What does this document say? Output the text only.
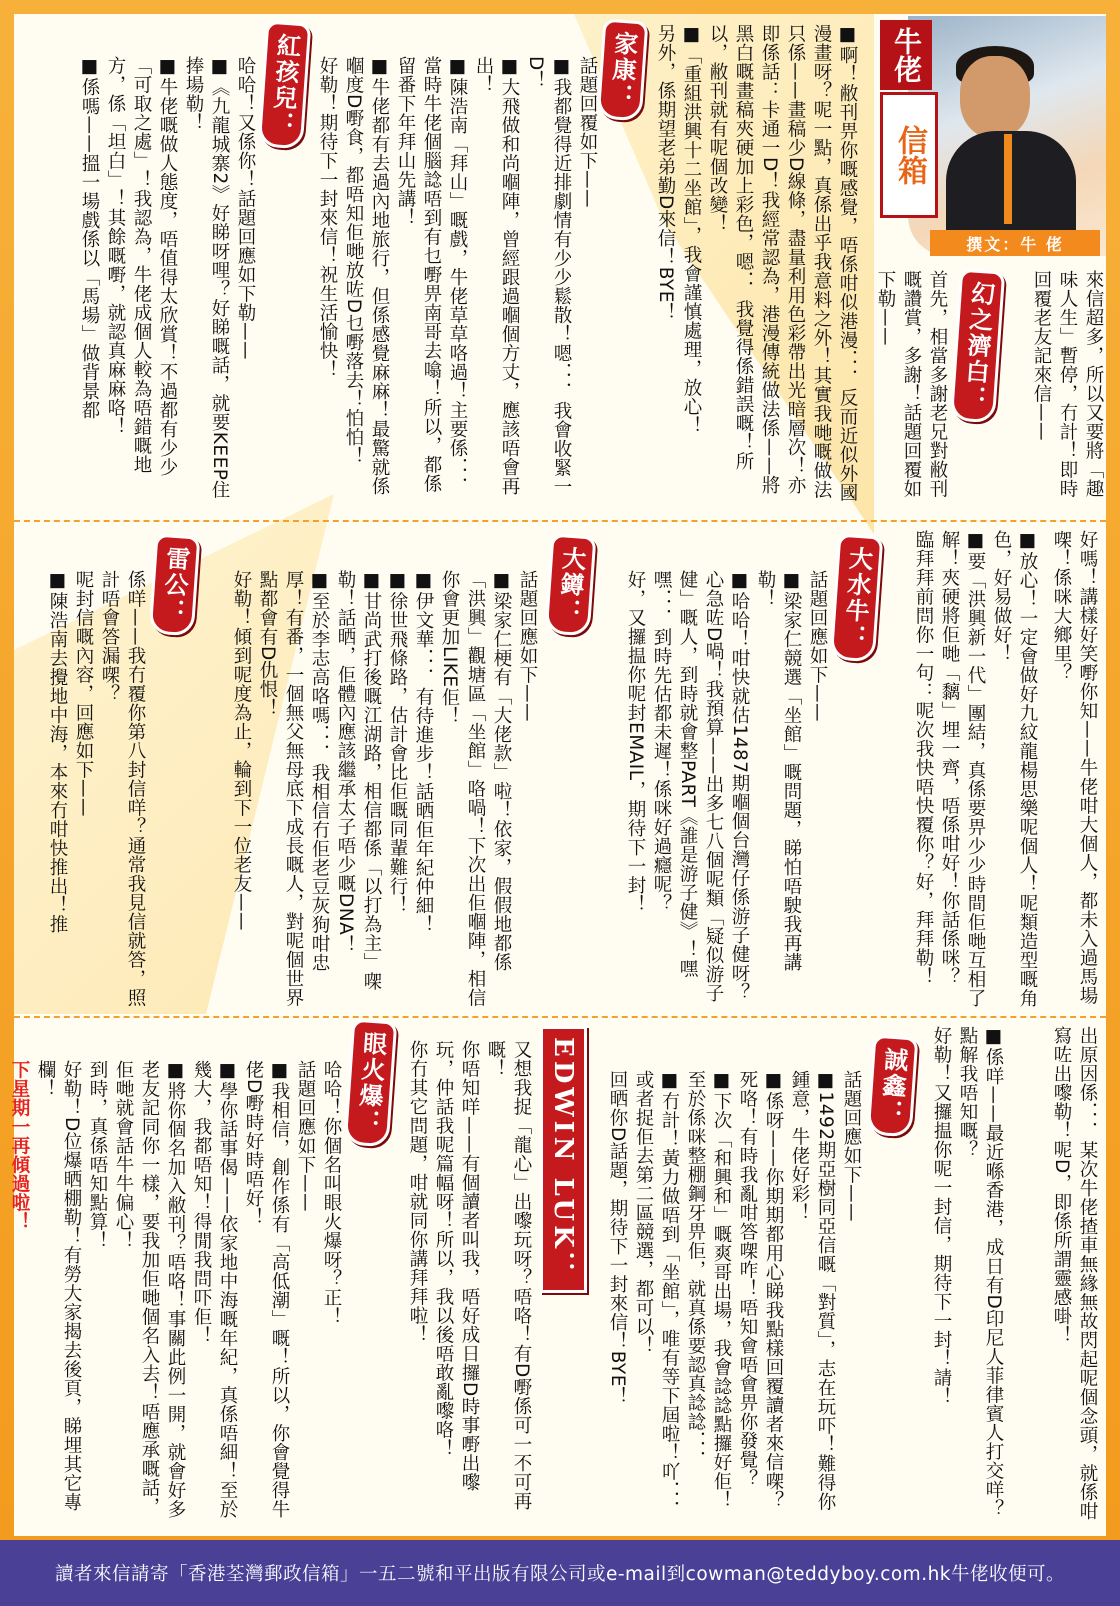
牛佬
信箱
撰文：牛 佬

來信超多，所以又要將「趣味人生」暫停，冇計！即時回覆老友記來信——

幻之濟白：

首先，相當多謝老兄對敝刊嘅讚賞，多謝！話題回覆如下勒——

■啊！敝刊畀你嘅感覺，唔係咁似港漫．．．反而近似外國漫畫呀？呢一點，真係出乎我意料之外！其實我哋嘅做法只係——畫稿少D線條，盡量利用色彩帶出光暗層次！亦即係話：卡通一D！我經常認為，港漫傳統做法係——將黑白嘅畫稿夾硬加上彩色，嗯．．我覺得係錯誤嘅！所以，敝刊就有呢個改變！

■「重組洪興十二坐館」，我會謹慎處理，放心！

另外，係期望老弟勤D來信！BYE！

家康：

話題回覆如下——

■我都覺得近排劇情有少少鬆散！嗯．．．我會收緊一D！

■大飛做和尚嗰陣，曾經跟過嗰個方丈，應該唔會再出！

■陳浩南「拜山」嘅戲，牛佬草草咯過！主要係．．．當時牛佬個腦諗唔到有乜嘢畀南哥去噏！所以，都係留番下年拜山先講！

■牛佬都有去過內地旅行，但係感覺麻麻！最驚就係嗰度D嘢食，都唔知佢哋放咗D乜嘢落去！怕怕！

好勒！期待下一封來信！祝生活愉快！

紅孩兒：

哈哈！又係你！話題回應如下勒——

■《九龍城寨2》好睇呀哩？好睇嘅話，就要KEEP住捧場勒！

■牛佬嘅做人態度，唔值得太欣賞！不過都有少少「可取之處」！我認為，牛佬成個人較為唔錯嘅地方，係「坦白」！其餘嘅嘢，就認真麻麻咯！

■係嗎——搵一場戲係以「馬場」做背景都

好嗎！講樣好笑嘢你知——牛佬咁大個人，都未入過馬場㗎！係咪大鄉里？

■放心！一定會做好九紋龍楊思樂呢個人！呢類造型嘅角色，好易做好！

■要「洪興新一代」團結，真係要畀少少時間佢哋互相了解！夾硬將佢哋「黐」埋一齊，唔係咁好！你話係咪？

臨拜拜前問你一句：呢次我快唔快覆你？好，拜拜勒！

大水牛：

話題回應如下——

■梁家仁競選「坐館」嘅問題，睇怕唔駛我再講勒！

■哈哈！咁快就估1487期嗰個台灣仔係游子健呀？心急咗D喎！我預算——出多七八個呢類「疑似游子健」嘅人，到時就會整PART《誰是游子健》！嘿嘿．．．到時先估都未遲！係咪好過癮呢？

好，又攞揾你呢封EMAIL，期待下一封！

大鐏：

話題回應如下——

■梁家仁梗有「大佬款」啦！依家，假假地都係「洪興」觀塘區「坐館」咯喎！下次出佢嗰陣，相信你會更加LIKE佢！

■伊文華．．．有待進步！話晒佢年紀仲細！

■徐世飛條路，估計會比佢嘅同輩難行！

■甘尚武打後嘅江湖路，相信都係「以打為主」㗎勒！話晒，佢體內應該繼承太子唔少嘅DNA！

■至於李志高咯嗎．．．我相信冇佢老豆灰狗咁忠厚！有番，一個無父無母底下成長嘅人，對呢個世界點都會有D仇恨！

好勒！傾到呢度為止，輪到下一位老友——

雷公：

係咩——我冇覆你第八封信咩？通常我見信就答，照計唔會答漏㗎？

呢封信嘅內容，回應如下——

■陳浩南去攪地中海，本來冇咁快推出！推

出原因係．．．某次牛佬揸車無緣無故閃起呢個念頭，就係咁寫咗出嚟勒！呢D，即係所謂靈感啩！

■係咩——最近喺香港，成日有D印尼人菲律賓人打交咩？點解我唔知嘅？

好勒！又攞揾你呢一封信，期待下一封！請！

誠鑫：

話題回應如下——

■1492期亞樹同亞信嘅「對質」，志在玩吓！難得你鍾意，牛佬好彩！

■係呀——你期期都用心睇我點樣回覆讀者來信㗎？死咯！有時我亂咁答㗎咋！唔知會唔會畀你發覺？

■下次「和興和」嘅爽哥出場，我會諗諗點攞好佢！至於係咪整棚鋼牙畀佢，就真係要認真諗諗．．．

■冇計！黃力做唔到「坐館」，唯有等下屆啦！吖．．．或者捉佢去第二區競選，都可以！

回晒你D話題，期待下一封來信！BYE！

EDWIN LUK：

又想我捉「龍心」出嚟玩呀？唔咯！有D嘢係可一不可再嘅！

你唔知咩——有個讀者叫我，唔好成日攞D時事嘢出嚟玩，仲話我呢篇幅呀！所以，我以後唔敢亂嚟咯！

你冇其它問題，咁就同你講拜拜啦！

眼火爆：

哈哈！你個名叫眼火爆呀？正！

話題回應如下——

■我相信，創作係有「高低潮」嘅！所以，你會覺得牛佬D嘢時好時唔好！

■學你話事偈——依家地中海嘅年紀，真係唔細！至於幾大，我都唔知！得閒我問吓佢！

■將你個名加入敝刊？唔咯！事關此例一開，就會好多老友記同你一樣，要我加佢哋個名入去！唔應承嘅話，佢哋就會話牛牛偏心！

到時，真係唔知點算！

好勒！D位爆晒棚勒！有勞大家揭去後頁，睇埋其它專欄！

下星期一再傾過啦！

讀者來信請寄「香港荃灣郵政信箱」一五二號和平出版有限公司或e-mail到cowman@teddyboy.com.hk牛佬收便可。
